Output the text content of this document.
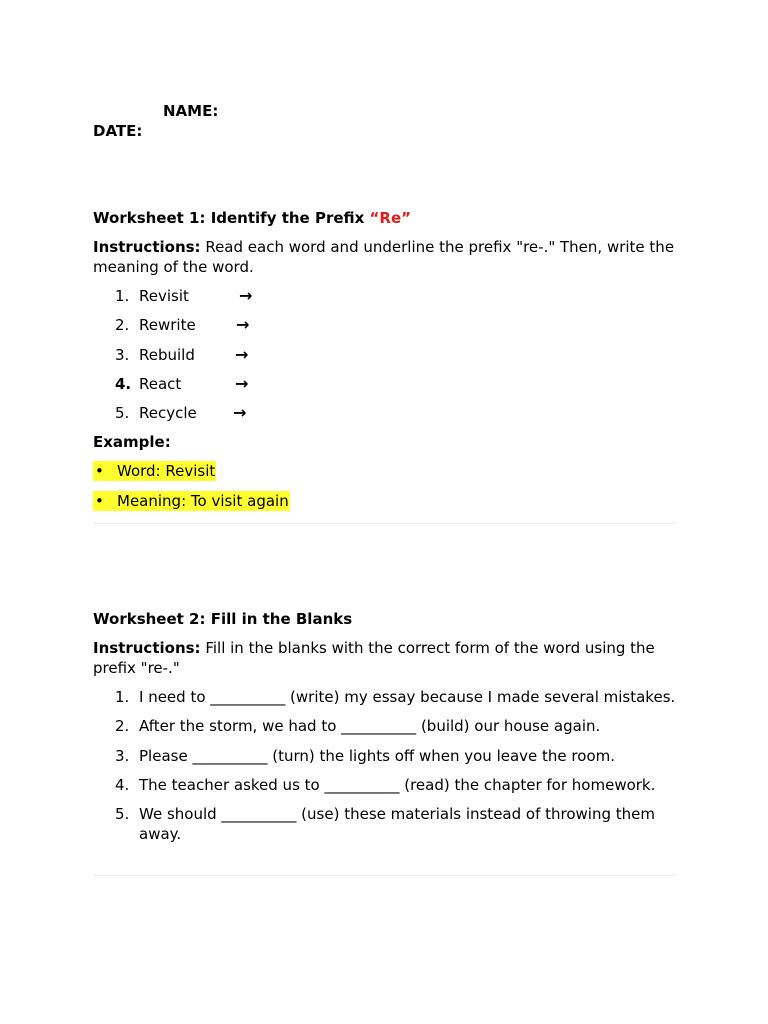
NAME:
DATE:

Worksheet 1: Identify the Prefix “Re”

Instructions: Read each word and underline the prefix "re-." Then, write the meaning of the word.

1. Revisit	→
2. Rewrite	→
3. Rebuild	→
4. React	→
5. Recycle →

Example:

• Word: Revisit
• Meaning: To visit again

Worksheet 2: Fill in the Blanks

Instructions: Fill in the blanks with the correct form of the word using the prefix "re-."

1. I need to __________ (write) my essay because I made several mistakes.
2. After the storm, we had to __________ (build) our house again.
3. Please __________ (turn) the lights off when you leave the room.
4. The teacher asked us to __________ (read) the chapter for homework.
5. We should __________ (use) these materials instead of throwing them away.
